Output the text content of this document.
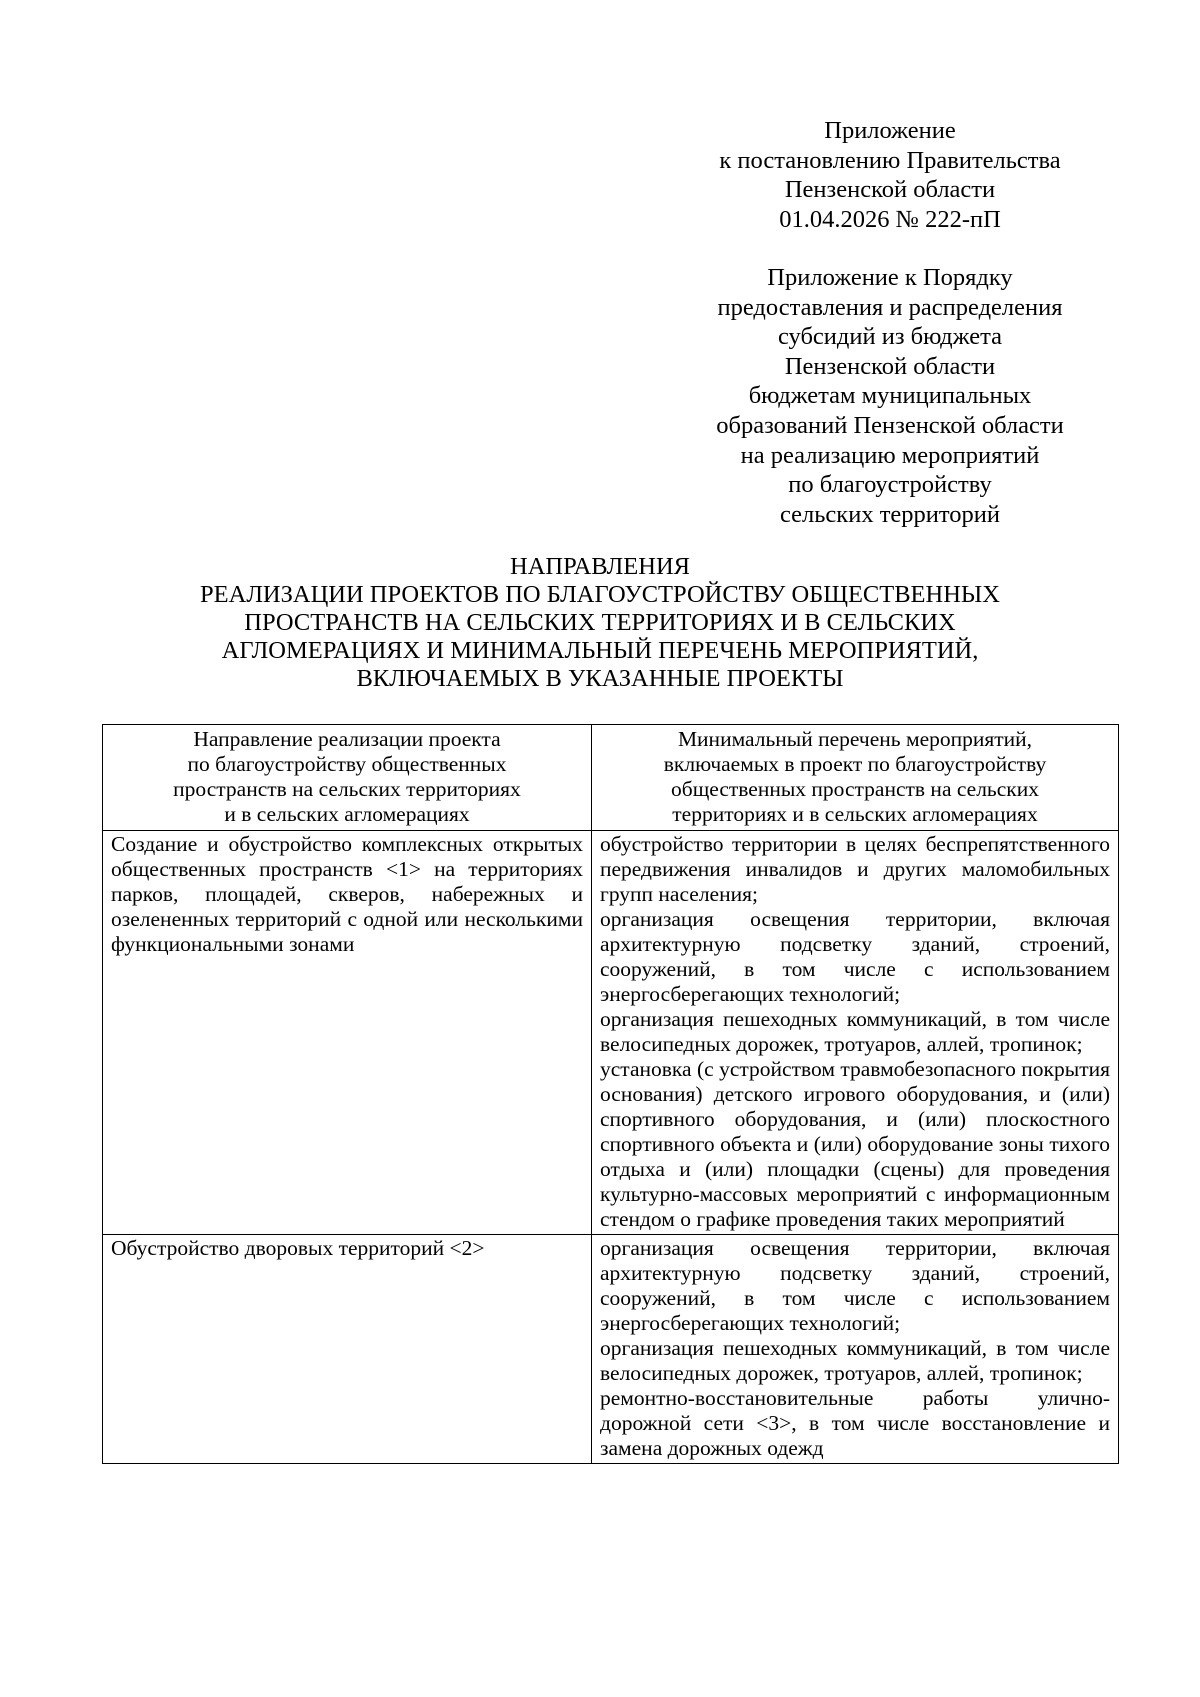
Приложение
к постановлению Правительства
Пензенской области
01.04.2026 № 222-пП
Приложение к Порядку
предоставления и распределения
субсидий из бюджета
Пензенской области
бюджетам муниципальных
образований Пензенской области
на реализацию мероприятий
по благоустройству
сельских территорий
НАПРАВЛЕНИЯ
РЕАЛИЗАЦИИ ПРОЕКТОВ ПО БЛАГОУСТРОЙСТВУ ОБЩЕСТВЕННЫХ
ПРОСТРАНСТВ НА СЕЛЬСКИХ ТЕРРИТОРИЯХ И В СЕЛЬСКИХ
АГЛОМЕРАЦИЯХ И МИНИМАЛЬНЫЙ ПЕРЕЧЕНЬ МЕРОПРИЯТИЙ,
ВКЛЮЧАЕМЫХ В УКАЗАННЫЕ ПРОЕКТЫ
Направление реализации проекта
по благоустройству общественных
пространств на сельских территориях
и в сельских агломерациях	Минимальный перечень мероприятий,
включаемых в проект по благоустройству
общественных пространств на сельских
территориях и в сельских агломерациях

Создание и обустройство комплексных открытых общественных пространств <1> на территориях парков, площадей, скверов, набережных и озелененных территорий с одной или несколькими функциональными зонами	обустройство территории в целях беспрепятственного передвижения инвалидов и других маломобильных групп населения;
организация освещения территории, включая архитектурную подсветку зданий, строений, сооружений, в том числе с использованием энергосберегающих технологий;
организация пешеходных коммуникаций, в том числе велосипедных дорожек, тротуаров, аллей, тропинок;
установка (с устройством травмобезопасного покрытия основания) детского игрового оборудования, и (или) спортивного оборудования, и (или) плоскостного спортивного объекта и (или) оборудование зоны тихого отдыха и (или) площадки (сцены) для проведения культурно-массовых мероприятий с информационным стендом о графике проведения таких мероприятий

Обустройство дворовых территорий <2>	организация освещения территории, включая архитектурную подсветку зданий, строений, сооружений, в том числе с использованием энергосберегающих технологий;
организация пешеходных коммуникаций, в том числе велосипедных дорожек, тротуаров, аллей, тропинок;
ремонтно-восстановительные работы улично-дорожной сети <3>, в том числе восстановление и замена дорожных одежд
